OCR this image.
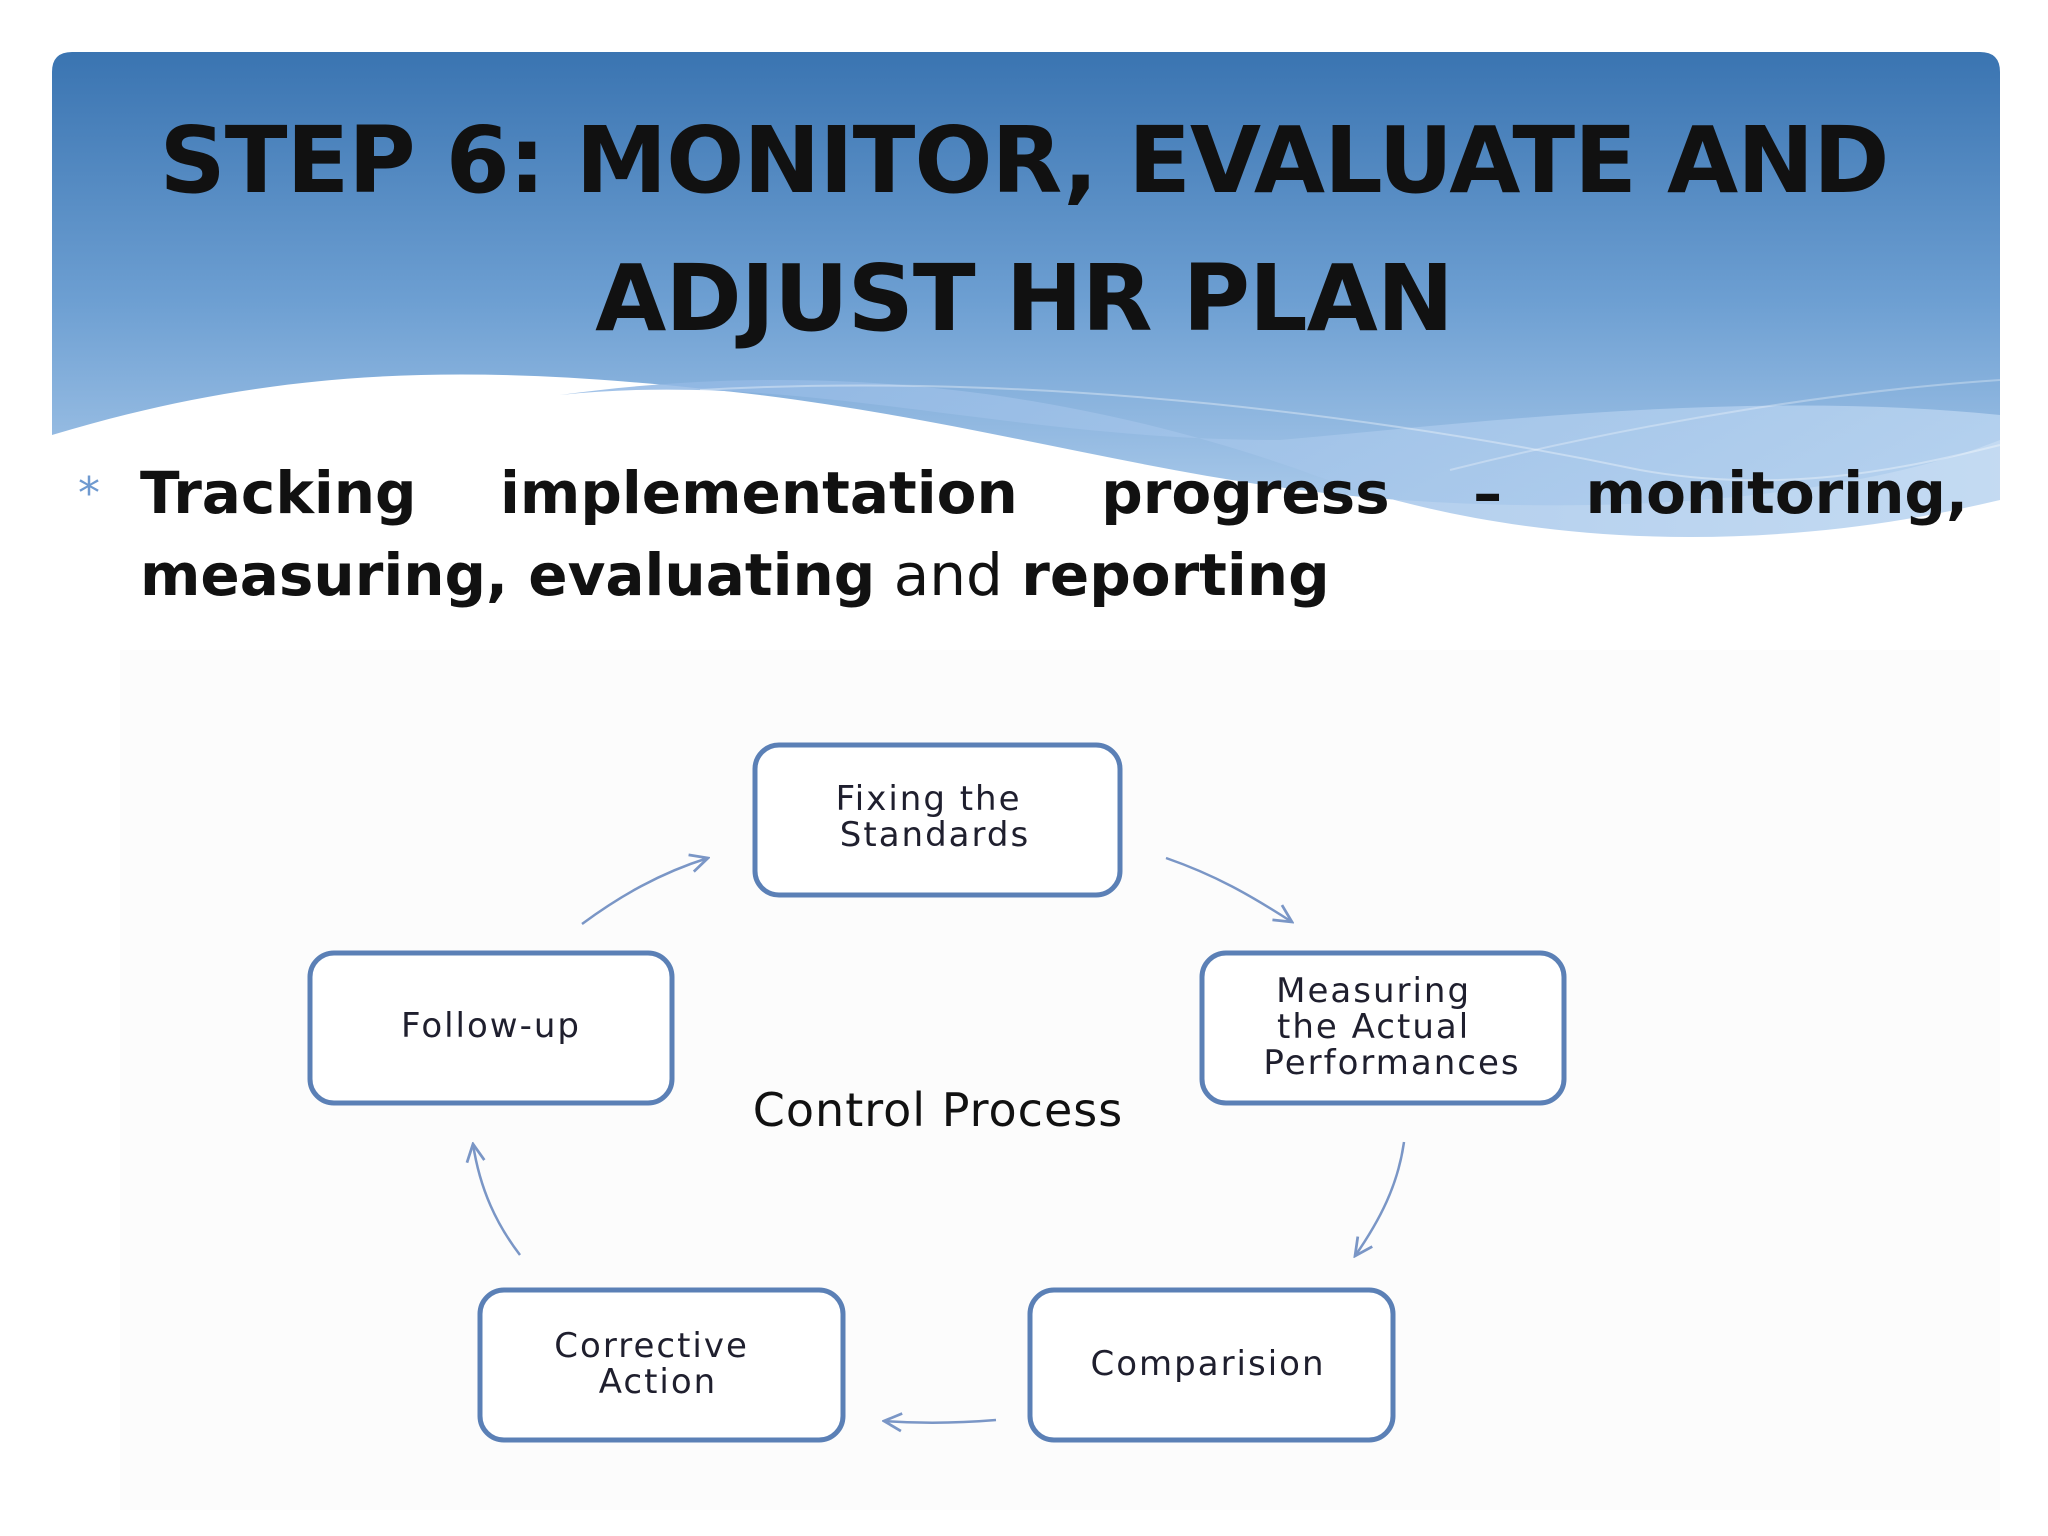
STEP 6: MONITOR, EVALUATE AND
ADJUST HR PLAN
* Tracking implementation progress – monitoring, measuring, evaluating and reporting

Fixing the Standards
Measuring the Actual Performances
Comparision
Corrective Action
Follow-up
Control Process
